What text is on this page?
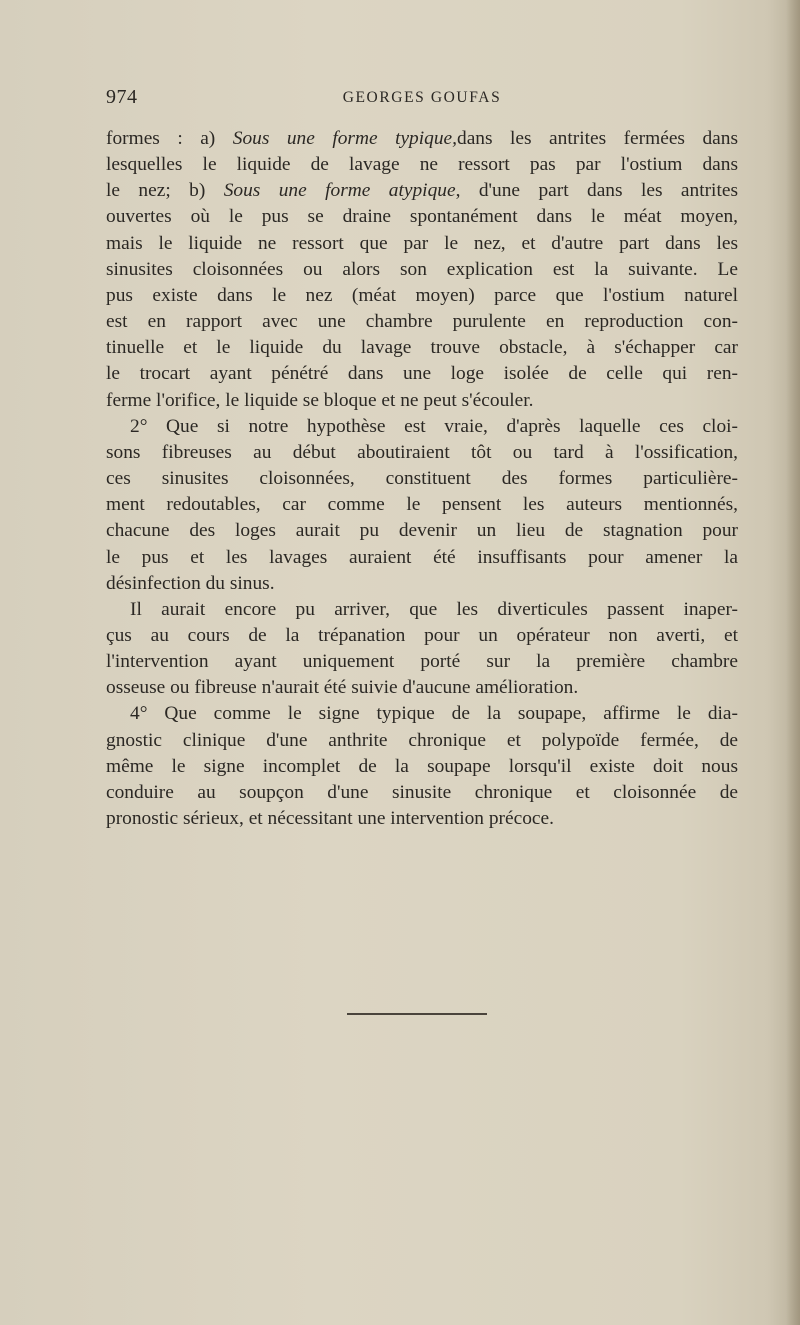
974	GEORGES GOUFAS
formes : a) Sous une forme typique,dans les antrites fermées dans
lesquelles le liquide de lavage ne ressort pas par l'ostium dans
le nez; b) Sous une forme atypique, d'une part dans les antrites
ouvertes où le pus se draine spontanément dans le méat moyen,
mais le liquide ne ressort que par le nez, et d'autre part dans les
sinusites cloisonnées ou alors son explication est la suivante. Le
pus existe dans le nez (méat moyen) parce que l'ostium naturel
est en rapport avec une chambre purulente en reproduction con-
tinuelle et le liquide du lavage trouve obstacle, à s'échapper car
le trocart ayant pénétré dans une loge isolée de celle qui ren-
ferme l'orifice, le liquide se bloque et ne peut s'écouler.
2° Que si notre hypothèse est vraie, d'après laquelle ces cloi-
sons fibreuses au début aboutiraient tôt ou tard à l'ossification,
ces sinusites cloisonnées, constituent des formes particulière-
ment redoutables, car comme le pensent les auteurs mentionnés,
chacune des loges aurait pu devenir un lieu de stagnation pour
le pus et les lavages auraient été insuffisants pour amener la
désinfection du sinus.
Il aurait encore pu arriver, que les diverticules passent inaper-
çus au cours de la trépanation pour un opérateur non averti, et
l'intervention ayant uniquement porté sur la première chambre
osseuse ou fibreuse n'aurait été suivie d'aucune amélioration.
4° Que comme le signe typique de la soupape, affirme le dia-
gnostic clinique d'une anthrite chronique et polypoïde fermée, de
même le signe incomplet de la soupape lorsqu'il existe doit nous
conduire au soupçon d'une sinusite chronique et cloisonnée de
pronostic sérieux, et nécessitant une intervention précoce.
